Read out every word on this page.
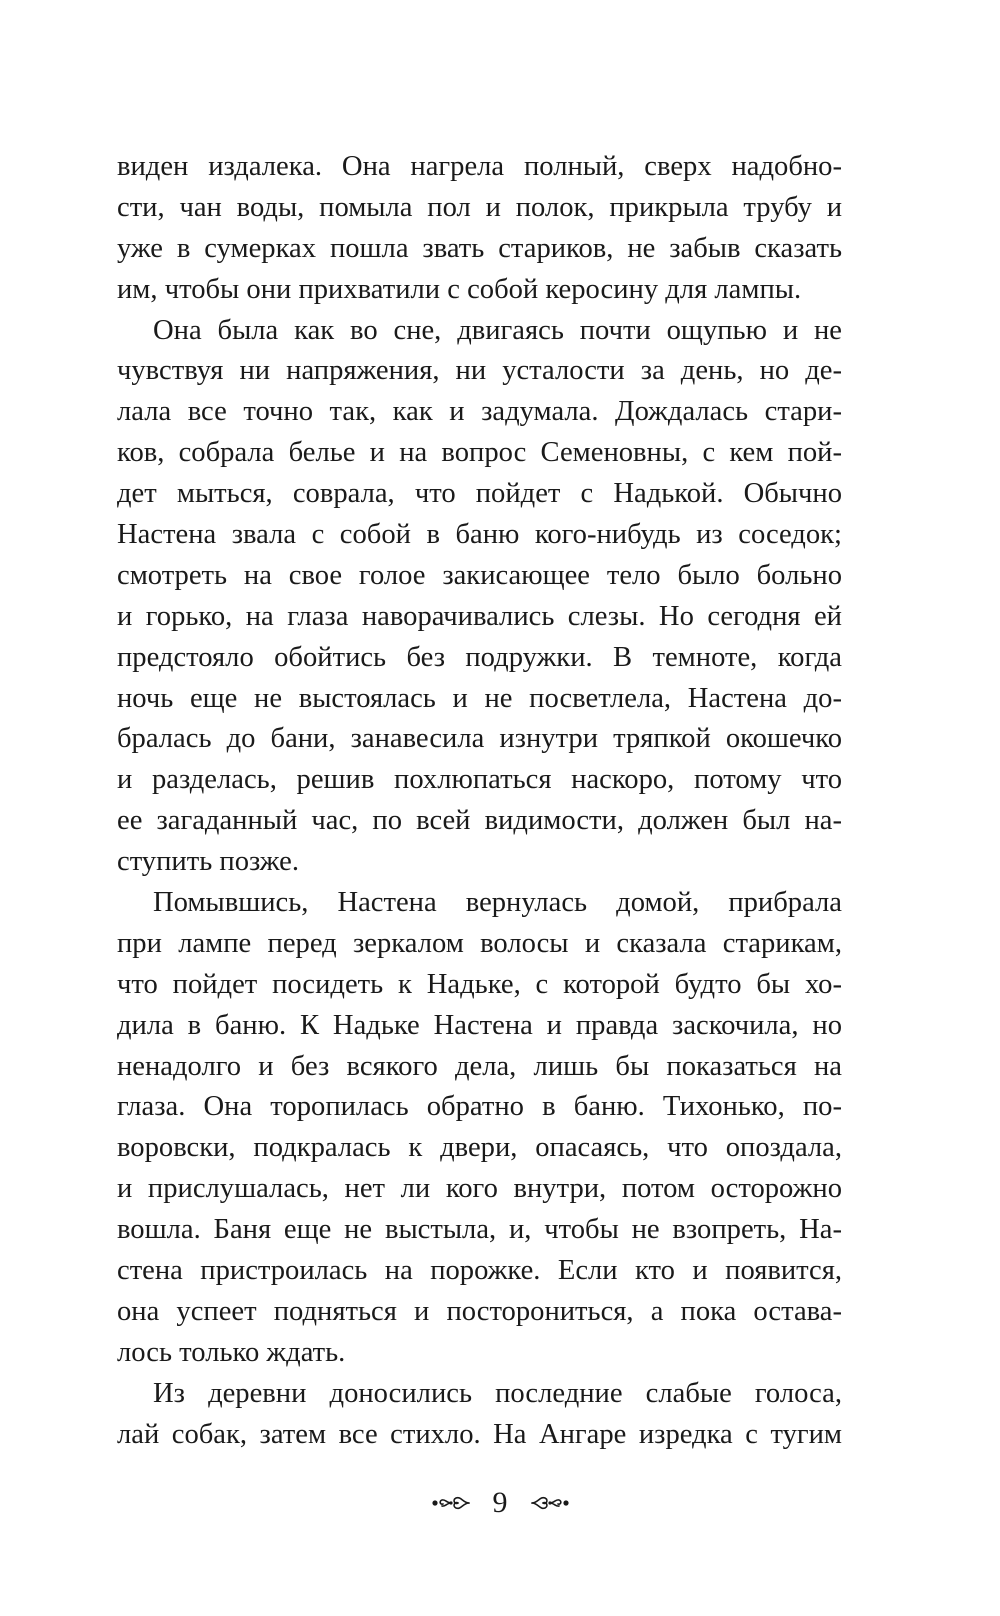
виден издалека. Она нагрела полный, сверх надобно-
сти, чан воды, помыла пол и полок, прикрыла трубу и
уже в сумерках пошла звать стариков, не забыв сказать
им, чтобы они прихватили с собой керосину для лампы.
Она была как во сне, двигаясь почти ощупью и не
чувствуя ни напряжения, ни усталости за день, но де-
лала все точно так, как и задумала. Дождалась стари-
ков, собрала белье и на вопрос Семеновны, с кем пой-
дет мыться, соврала, что пойдет с Надькой. Обычно
Настена звала с собой в баню кого-нибудь из соседок;
смотреть на свое голое закисающее тело было больно
и горько, на глаза наворачивались слезы. Но сегодня ей
предстояло обойтись без подружки. В темноте, когда
ночь еще не выстоялась и не посветлела, Настена до-
бралась до бани, занавесила изнутри тряпкой окошечко
и разделась, решив похлюпаться наскоро, потому что
ее загаданный час, по всей видимости, должен был на-
ступить позже.
Помывшись, Настена вернулась домой, прибрала
при лампе перед зеркалом волосы и сказала старикам,
что пойдет посидеть к Надьке, с которой будто бы хо-
дила в баню. К Надьке Настена и правда заскочила, но
ненадолго и без всякого дела, лишь бы показаться на
глаза. Она торопилась обратно в баню. Тихонько, по-
воровски, подкралась к двери, опасаясь, что опоздала,
и прислушалась, нет ли кого внутри, потом осторожно
вошла. Баня еще не выстыла, и, чтобы не взопреть, На-
стена пристроилась на порожке. Если кто и появится,
она успеет подняться и посторониться, а пока остава-
лось только ждать.
Из деревни доносились последние слабые голоса,
лай собак, затем все стихло. На Ангаре изредка с тугим
9
